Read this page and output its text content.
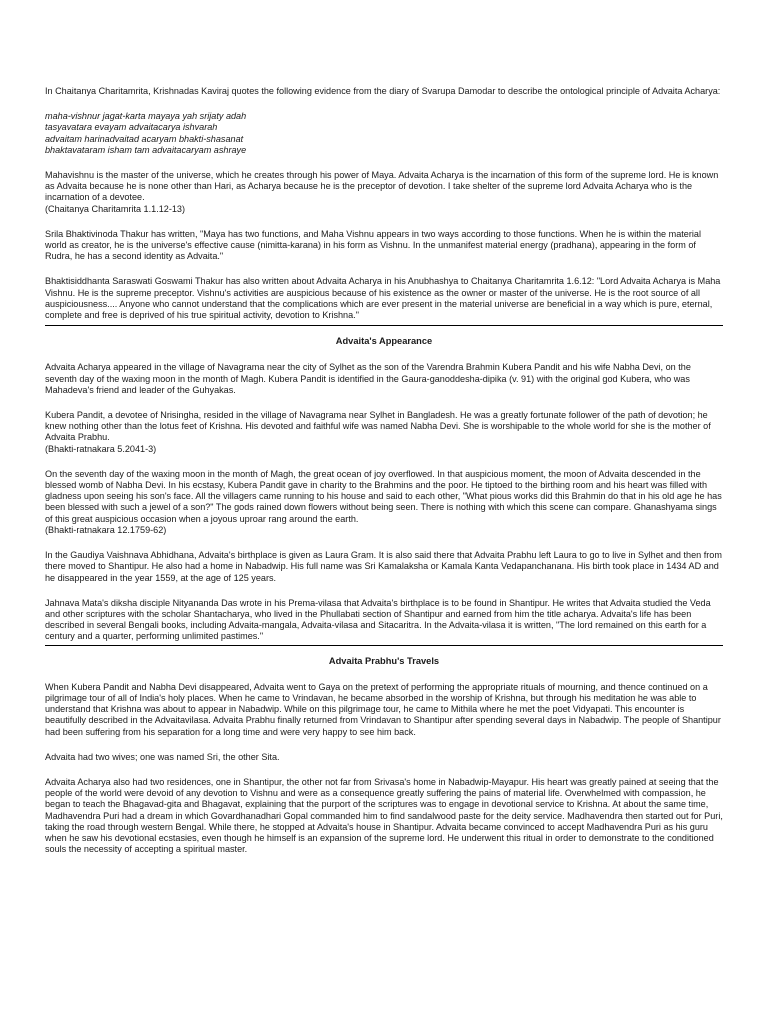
In Chaitanya Charitamrita, Krishnadas Kaviraj quotes the following evidence from the diary of Svarupa Damodar to describe the ontological principle of Advaita Acharya:

maha-vishnur jagat-karta mayaya yah srijaty adah
tasyavatara evayam advaitacarya ishvarah
advaitam harinadvaitad acaryam bhakti-shasanat
bhaktavataram isham tam advaitacaryam ashraye

Mahavishnu is the master of the universe, which he creates through his power of Maya. Advaita Acharya is the incarnation of this form of the supreme lord. He is known as Advaita because he is none other than Hari, as Acharya because he is the preceptor of devotion. I take shelter of the supreme lord Advaita Acharya who is the incarnation of a devotee.
(Chaitanya Charitamrita 1.1.12-13)

Srila Bhaktivinoda Thakur has written, "Maya has two functions, and Maha Vishnu appears in two ways according to those functions. When he is within the material world as creator, he is the universe's effective cause (nimitta-karana) in his form as Vishnu. In the unmanifest material energy (pradhana), appearing in the form of Rudra, he has a second identity as Advaita."

Bhaktisiddhanta Saraswati Goswami Thakur has also written about Advaita Acharya in his Anubhashya to Chaitanya Charitamrita 1.6.12: "Lord Advaita Acharya is Maha Vishnu. He is the supreme preceptor. Vishnu's activities are auspicious because of his existence as the owner or master of the universe. He is the root source of all auspiciousness.... Anyone who cannot understand that the complications which are ever present in the material universe are beneficial in a way which is pure, eternal, complete and free is deprived of his true spiritual activity, devotion to Krishna."

Advaita's Appearance

Advaita Acharya appeared in the village of Navagrama near the city of Sylhet as the son of the Varendra Brahmin Kubera Pandit and his wife Nabha Devi, on the seventh day of the waxing moon in the month of Magh. Kubera Pandit is identified in the Gaura-ganoddesha-dipika (v. 91) with the original god Kubera, who was Mahadeva's friend and leader of the Guhyakas.

Kubera Pandit, a devotee of Nrisingha, resided in the village of Navagrama near Sylhet in Bangladesh. He was a greatly fortunate follower of the path of devotion; he knew nothing other than the lotus feet of Krishna. His devoted and faithful wife was named Nabha Devi. She is worshipable to the whole world for she is the mother of Advaita Prabhu.
(Bhakti-ratnakara 5.2041-3)

On the seventh day of the waxing moon in the month of Magh, the great ocean of joy overflowed. In that auspicious moment, the moon of Advaita descended in the blessed womb of Nabha Devi. In his ecstasy, Kubera Pandit gave in charity to the Brahmins and the poor. He tiptoed to the birthing room and his heart was filled with gladness upon seeing his son's face. All the villagers came running to his house and said to each other, "What pious works did this Brahmin do that in his old age he has been blessed with such a jewel of a son?" The gods rained down flowers without being seen. There is nothing with which this scene can compare. Ghanashyama sings of this great auspicious occasion when a joyous uproar rang around the earth.
(Bhakti-ratnakara 12.1759-62)

In the Gaudiya Vaishnava Abhidhana, Advaita's birthplace is given as Laura Gram. It is also said there that Advaita Prabhu left Laura to go to live in Sylhet and then from there moved to Shantipur. He also had a home in Nabadwip. His full name was Sri Kamalaksha or Kamala Kanta Vedapanchanana. His birth took place in 1434 AD and he disappeared in the year 1559, at the age of 125 years.

Jahnava Mata's diksha disciple Nityananda Das wrote in his Prema-vilasa that Advaita's birthplace is to be found in Shantipur. He writes that Advaita studied the Veda and other scriptures with the scholar Shantacharya, who lived in the Phullabati section of Shantipur and earned from him the title acharya. Advaita's life has been described in several Bengali books, including Advaita-mangala, Advaita-vilasa and Sitacaritra. In the Advaita-vilasa it is written, "The lord remained on this earth for a century and a quarter, performing unlimited pastimes."

Advaita Prabhu's Travels

When Kubera Pandit and Nabha Devi disappeared, Advaita went to Gaya on the pretext of performing the appropriate rituals of mourning, and thence continued on a pilgrimage tour of all of India's holy places. When he came to Vrindavan, he became absorbed in the worship of Krishna, but through his meditation he was able to understand that Krishna was about to appear in Nabadwip. While on this pilgrimage tour, he came to Mithila where he met the poet Vidyapati. This encounter is beautifully described in the Advaitavilasa. Advaita Prabhu finally returned from Vrindavan to Shantipur after spending several days in Nabadwip. The people of Shantipur had been suffering from his separation for a long time and were very happy to see him back.

Advaita had two wives; one was named Sri, the other Sita.

Advaita Acharya also had two residences, one in Shantipur, the other not far from Srivasa's home in Nabadwip-Mayapur. His heart was greatly pained at seeing that the people of the world were devoid of any devotion to Vishnu and were as a consequence greatly suffering the pains of material life. Overwhelmed with compassion, he began to teach the Bhagavad-gita and Bhagavat, explaining that the purport of the scriptures was to engage in devotional service to Krishna. At about the same time, Madhavendra Puri had a dream in which Govardhanadhari Gopal commanded him to find sandalwood paste for the deity service. Madhavendra then started out for Puri, taking the road through western Bengal. While there, he stopped at Advaita's house in Shantipur. Advaita became convinced to accept Madhavendra Puri as his guru when he saw his devotional ecstasies, even though he himself is an expansion of the supreme lord. He underwent this ritual in order to demonstrate to the conditioned souls the necessity of accepting a spiritual master.
